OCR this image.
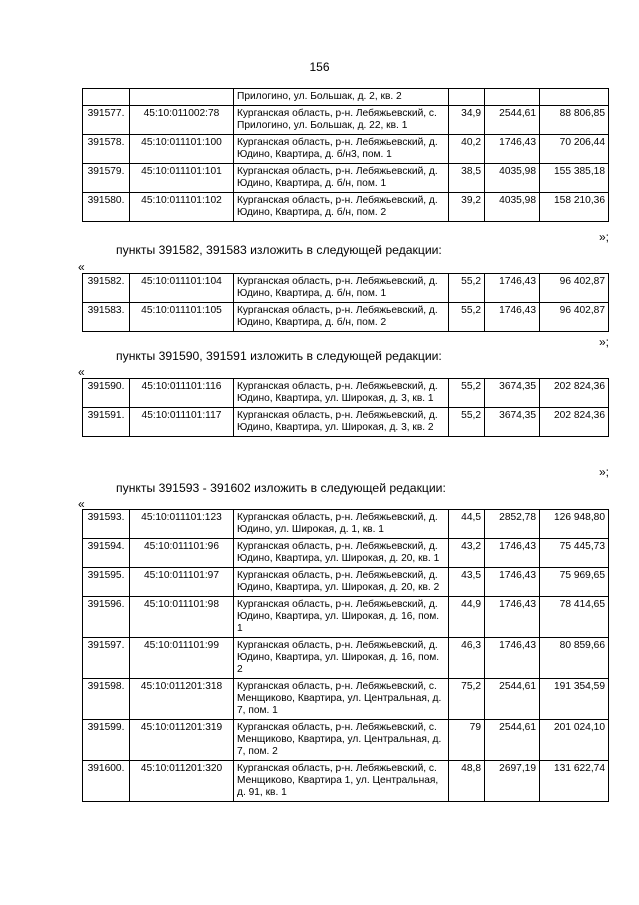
156
		Прилогино, ул. Большак, д. 2, кв. 2			
391577.	45:10:011002:78	Курганская область, р-н. Лебяжьевский, с. Прилогино, ул. Большак, д. 22, кв. 1	34,9	2544,61	88 806,85
391578.	45:10:011101:100	Курганская область, р-н. Лебяжьевский, д. Юдино, Квартира, д. б/н3, пом. 1	40,2	1746,43	70 206,44
391579.	45:10:011101:101	Курганская область, р-н. Лебяжьевский, д. Юдино, Квартира, д. б/н, пом. 1	38,5	4035,98	155 385,18
391580.	45:10:011101:102	Курганская область, р-н. Лебяжьевский, д. Юдино, Квартира, д. б/н, пом. 2	39,2	4035,98	158 210,36
»;
пункты 391582, 391583 изложить в следующей редакции:
«
391582.	45:10:011101:104	Курганская область, р-н. Лебяжьевский, д. Юдино, Квартира, д. б/н, пом. 1	55,2	1746,43	96 402,87
391583.	45:10:011101:105	Курганская область, р-н. Лебяжьевский, д. Юдино, Квартира, д. б/н, пом. 2	55,2	1746,43	96 402,87
»;
пункты 391590, 391591 изложить в следующей редакции:
«
391590.	45:10:011101:116	Курганская область, р-н. Лебяжьевский, д. Юдино, Квартира, ул. Широкая, д. 3, кв. 1	55,2	3674,35	202 824,36
391591.	45:10:011101:117	Курганская область, р-н. Лебяжьевский, д. Юдино, Квартира, ул. Широкая, д. 3, кв. 2	55,2	3674,35	202 824,36
»;
пункты 391593 - 391602 изложить в следующей редакции:
«
391593.	45:10:011101:123	Курганская область, р-н. Лебяжьевский, д. Юдино, ул. Широкая, д. 1, кв. 1	44,5	2852,78	126 948,80
391594.	45:10:011101:96	Курганская область, р-н. Лебяжьевский, д. Юдино, Квартира, ул. Широкая, д. 20, кв. 1	43,2	1746,43	75 445,73
391595.	45:10:011101:97	Курганская область, р-н. Лебяжьевский, д. Юдино, Квартира, ул. Широкая, д. 20, кв. 2	43,5	1746,43	75 969,65
391596.	45:10:011101:98	Курганская область, р-н. Лебяжьевский, д. Юдино, Квартира, ул. Широкая, д. 16, пом. 1	44,9	1746,43	78 414,65
391597.	45:10:011101:99	Курганская область, р-н. Лебяжьевский, д. Юдино, Квартира, ул. Широкая, д. 16, пом. 2	46,3	1746,43	80 859,66
391598.	45:10:011201:318	Курганская область, р-н. Лебяжьевский, с. Менщиково, Квартира, ул. Центральная, д. 7, пом. 1	75,2	2544,61	191 354,59
391599.	45:10:011201:319	Курганская область, р-н. Лебяжьевский, с. Менщиково, Квартира, ул. Центральная, д. 7, пом. 2	79	2544,61	201 024,10
391600.	45:10:011201:320	Курганская область, р-н. Лебяжьевский, с. Менщиково, Квартира 1, ул. Центральная, д. 91, кв. 1	48,8	2697,19	131 622,74
